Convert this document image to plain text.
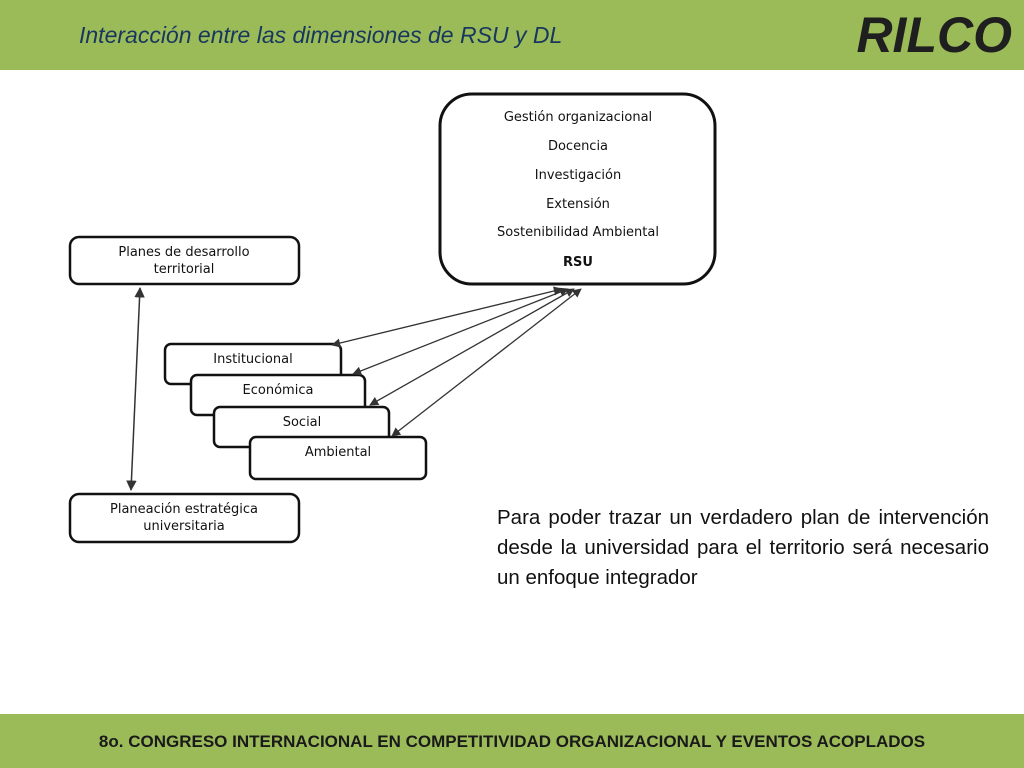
Interacción entre las dimensiones de RSU y DL	RILCO
Gestión organizacional
Docencia
Investigación
Extensión
Sostenibilidad Ambiental
RSU
Planes de desarrollo
territorial
Planeación estratégica
universitaria
Institucional
Económica
Social
Ambiental
Para poder trazar un verdadero plan de intervención desde la universidad para el territorio será necesario un enfoque integrador
8o. CONGRESO INTERNACIONAL EN COMPETITIVIDAD ORGANIZACIONAL Y EVENTOS ACOPLADOS
